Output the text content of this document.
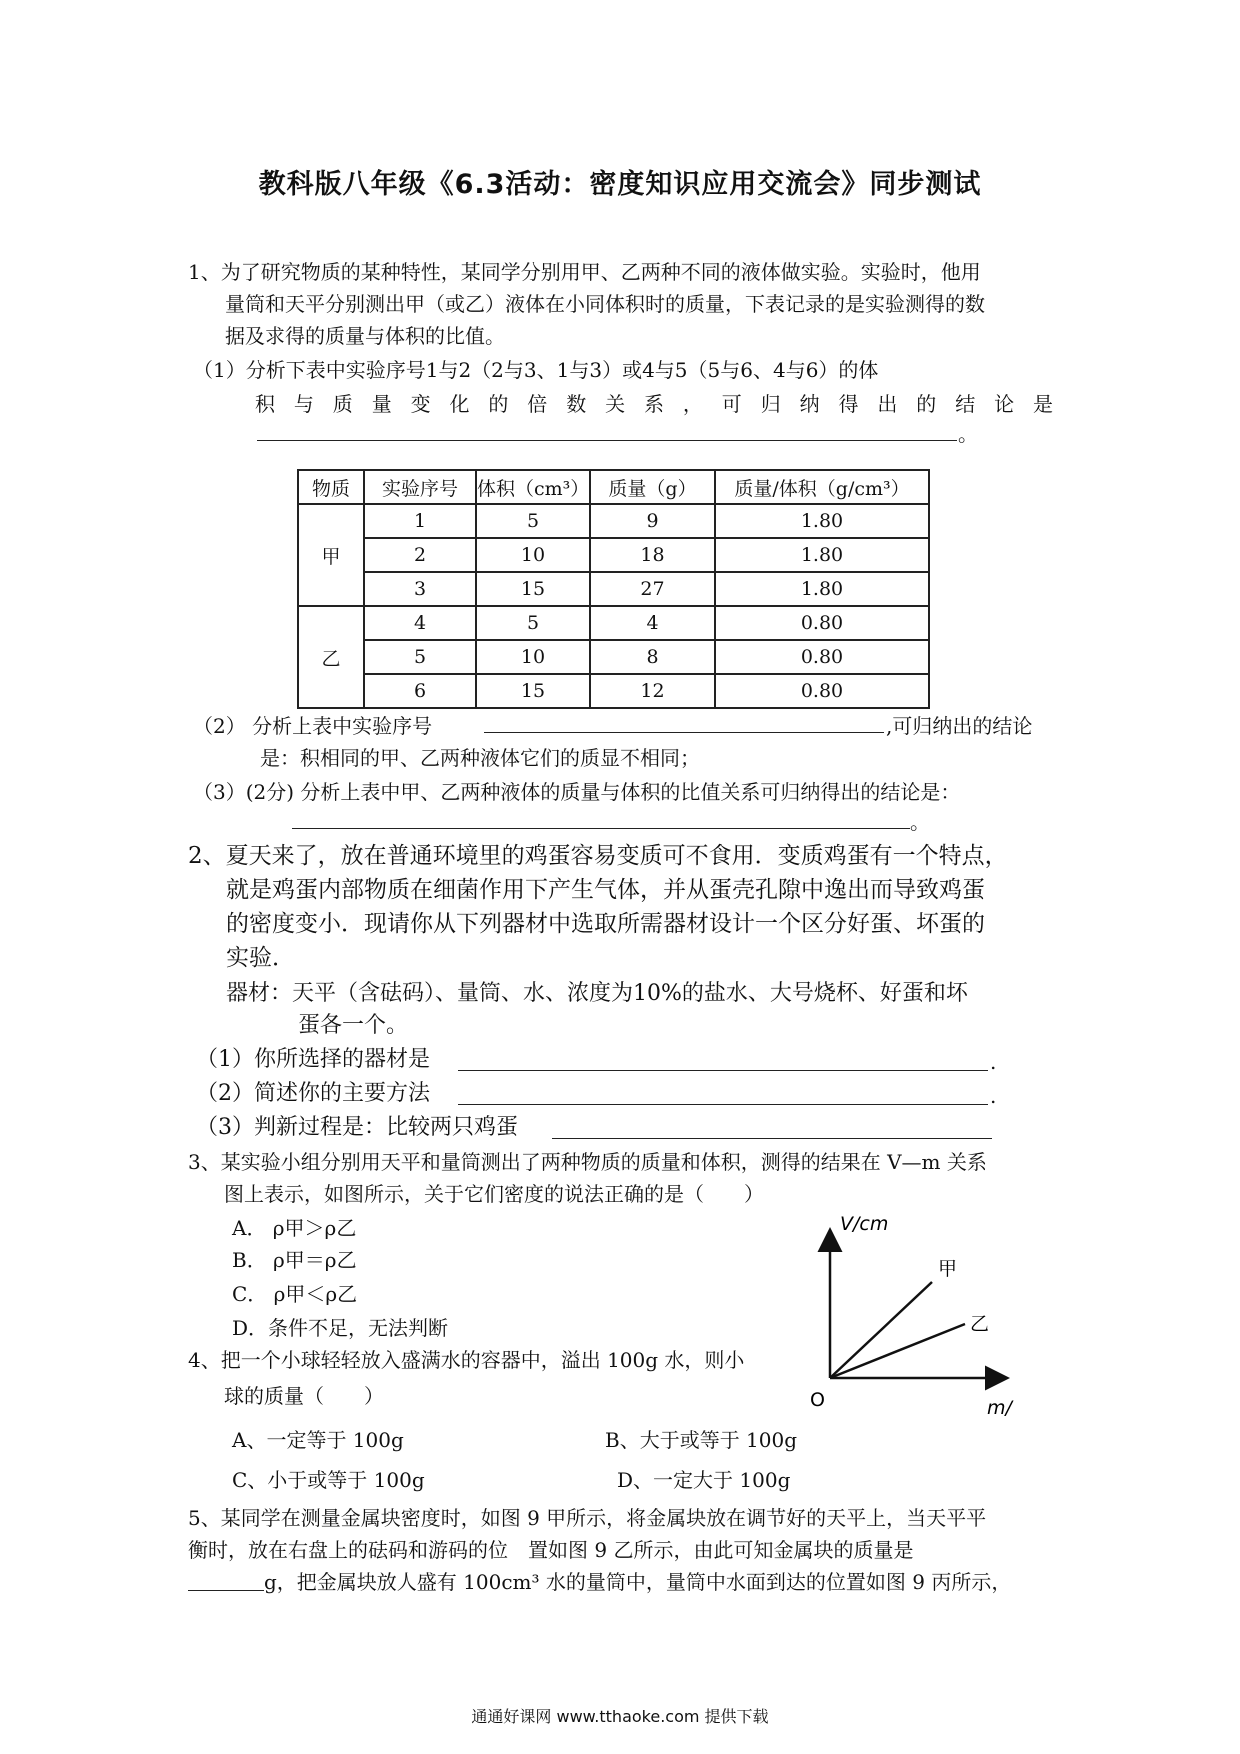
教科版八年级《6.3活动：密度知识应用交流会》同步测试
1、为了研究物质的某种特性，某同学分别用甲、乙两种不同的液体做实验。实验时，他用
量筒和天平分别测出甲（或乙）液体在小同体积时的质量，下表记录的是实验测得的数
据及求得的质量与体积的比值。
（1）分析下表中实验序号1与2（2与3、1与3）或4与5（5与6、4与6）的体
积与质量变化的倍数关系，可归纳得出的结论是
。
物质	实验序号	体积（cm³）	质量（g）	质量/体积（g/cm³）
甲	1	5	9	1.80
	2	10	18	1.80
	3	15	27	1.80
乙	4	5	4	0.80
	5	10	8	0.80
	6	15	12	0.80
（2） 分析上表中实验序号	,可归纳出的结论
是：积相同的甲、乙两种液体它们的质显不相同；
（3）(2分) 分析上表中甲、乙两种液体的质量与体积的比值关系可归纳得出的结论是：
。
2、夏天来了，放在普通环境里的鸡蛋容易变质可不食用．变质鸡蛋有一个特点，
就是鸡蛋内部物质在细菌作用下产生气体，并从蛋壳孔隙中逸出而导致鸡蛋
的密度变小．现请你从下列器材中选取所需器材设计一个区分好蛋、坏蛋的
实验．
器材：天平（含砝码）、量筒、水、浓度为10%的盐水、大号烧杯、好蛋和坏
蛋各一个。
（1）你所选择的器材是	.
（2）简述你的主要方法	.
（3）判新过程是：比较两只鸡蛋
3、某实验小组分别用天平和量筒测出了两种物质的质量和体积，测得的结果在 V—m 关系
图上表示，如图所示，关于它们密度的说法正确的是（　　）
A． ρ甲＞ρ乙
B． ρ甲＝ρ乙
C． ρ甲＜ρ乙
D．条件不足，无法判断
V/cm
甲
乙
O	m/
4、把一个小球轻轻放入盛满水的容器中，溢出 100g 水，则小
球的质量（　　）
A、一定等于 100g	B、大于或等于 100g
C、小于或等于 100g	D、一定大于 100g
5、某同学在测量金属块密度时，如图 9 甲所示，将金属块放在调节好的天平上，当天平平
衡时，放在右盘上的砝码和游码的位　置如图 9 乙所示，由此可知金属块的质量是
g，把金属块放人盛有 100cm³ 水的量筒中，量筒中水面到达的位置如图 9 丙所示，
通通好课网 www.tthaoke.com 提供下载
